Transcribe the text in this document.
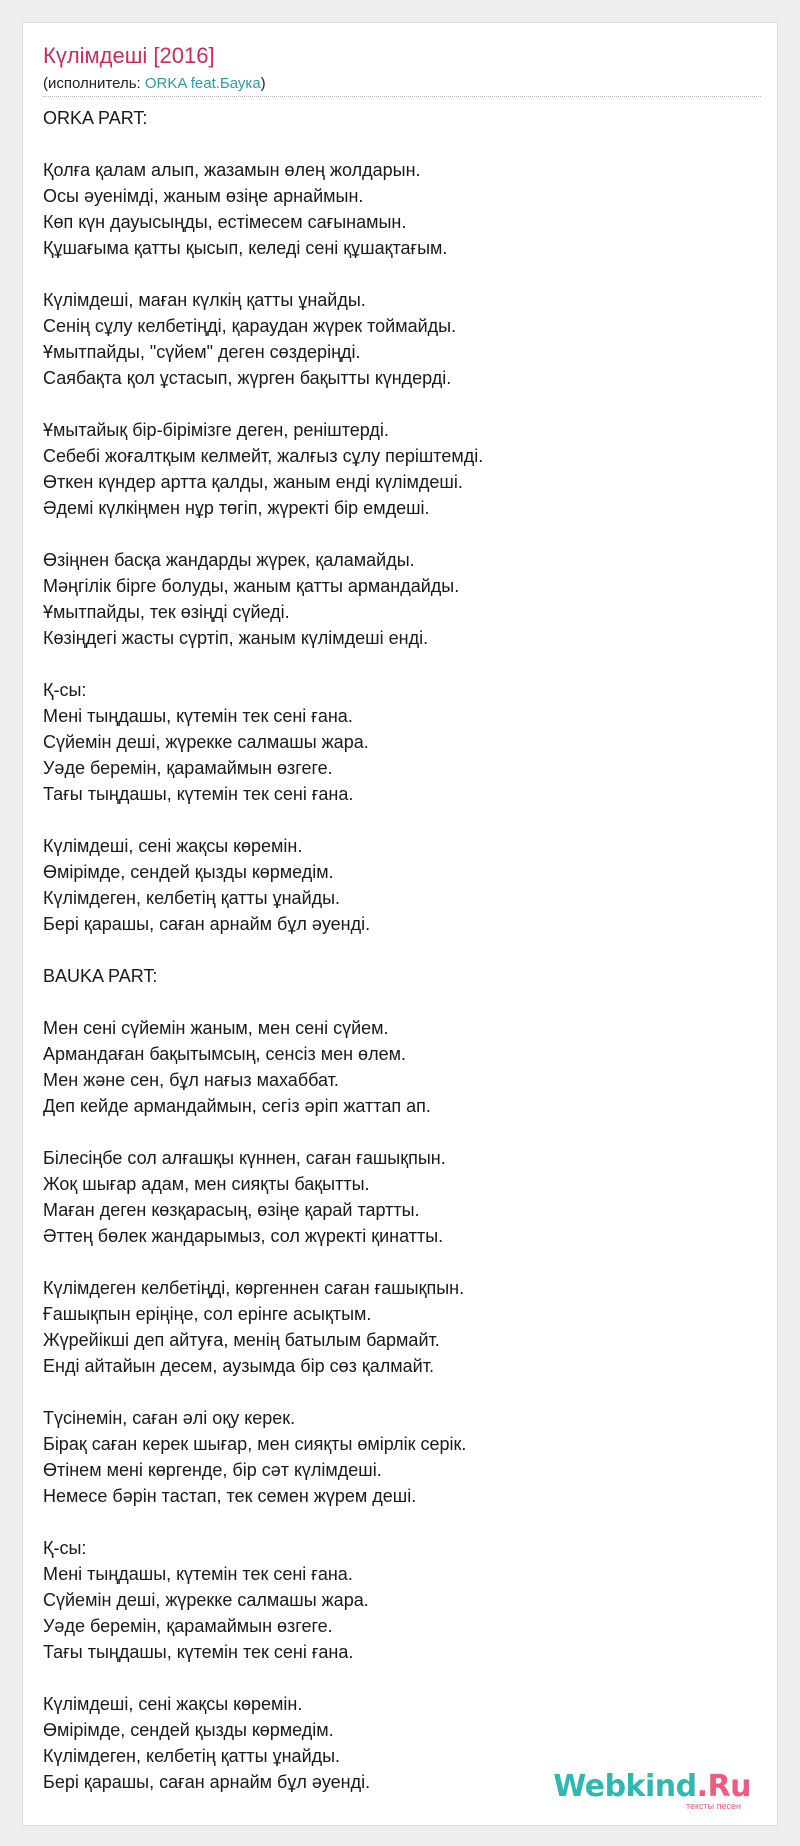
Күлімдеші [2016]
(исполнитель: ORKA feat.Баука)
ORKA PART:
Қолға қалам алып, жазамын өлең жолдарын.
Осы әуенімді, жаным өзіңе арнаймын.
Көп күн дауысыңды, естімесем сағынамын.
Құшағыма қатты қысып, келеді сені құшақтағым.
Күлімдеші, маған күлкің қатты ұнайды.
Сенің сұлу келбетіңді, қараудан жүрек тоймайды.
Ұмытпайды, "сүйем" деген сөздеріңді.
Саябақта қол ұстасып, жүрген бақытты күндерді.
Ұмытайық бір-бірімізге деген, реніштерді.
Себебі жоғалтқым келмейт, жалғыз сұлу періштемді.
Өткен күндер артта қалды, жаным енді күлімдеші.
Әдемі күлкіңмен нұр төгіп, жүректі бір емдеші.
Өзіңнен басқа жандарды жүрек, қаламайды.
Мәңгілік бірге болуды, жаным қатты армандайды.
Ұмытпайды, тек өзіңді сүйеді.
Көзіңдегі жасты сүртіп, жаным күлімдеші енді.
Қ-сы:
Мені тыңдашы, күтемін тек сені ғана.
Сүйемін деші, жүрекке салмашы жара.
Уәде беремін, қарамаймын өзгеге.
Тағы тыңдашы, күтемін тек сені ғана.
Күлімдеші, сені жақсы көремін.
Өмірімде, сендей қызды көрмедім.
Күлімдеген, келбетің қатты ұнайды.
Бері қарашы, саған арнайм бұл әуенді.
BAUKA PART:
Мен сені сүйемін жаным, мен сені сүйем.
Армандаған бақытымсың, сенсіз мен өлем.
Мен және сен, бұл нағыз махаббат.
Деп кейде армандаймын, сегіз әріп жаттап ап.
Білесіңбе сол алғашқы күннен, саған ғашықпын.
Жоқ шығар адам, мен сияқты бақытты.
Маған деген көзқарасың, өзіңе қарай тартты.
Әттең бөлек жандарымыз, сол жүректі қинатты.
Күлімдеген келбетіңді, көргеннен саған ғашықпын.
Ғашықпын еріңіңе, сол ерінге асықтым.
Жүрейікші деп айтуға, менің батылым бармайт.
Енді айтайын десем, аузымда бір сөз қалмайт.
Түсінемін, саған әлі оқу керек.
Бірақ саған керек шығар, мен сияқты өмірлік серік.
Өтінем мені көргенде, бір сәт күлімдеші.
Немесе бәрін тастап, тек семен жүрем деші.
Қ-сы:
Мені тыңдашы, күтемін тек сені ғана.
Сүйемін деші, жүрекке салмашы жара.
Уәде беремін, қарамаймын өзгеге.
Тағы тыңдашы, күтемін тек сені ғана.
Күлімдеші, сені жақсы көремін.
Өмірімде, сендей қызды көрмедім.
Күлімдеген, келбетің қатты ұнайды.
Бері қарашы, саған арнайм бұл әуенді.	Webkind.Ru
тексты песен
